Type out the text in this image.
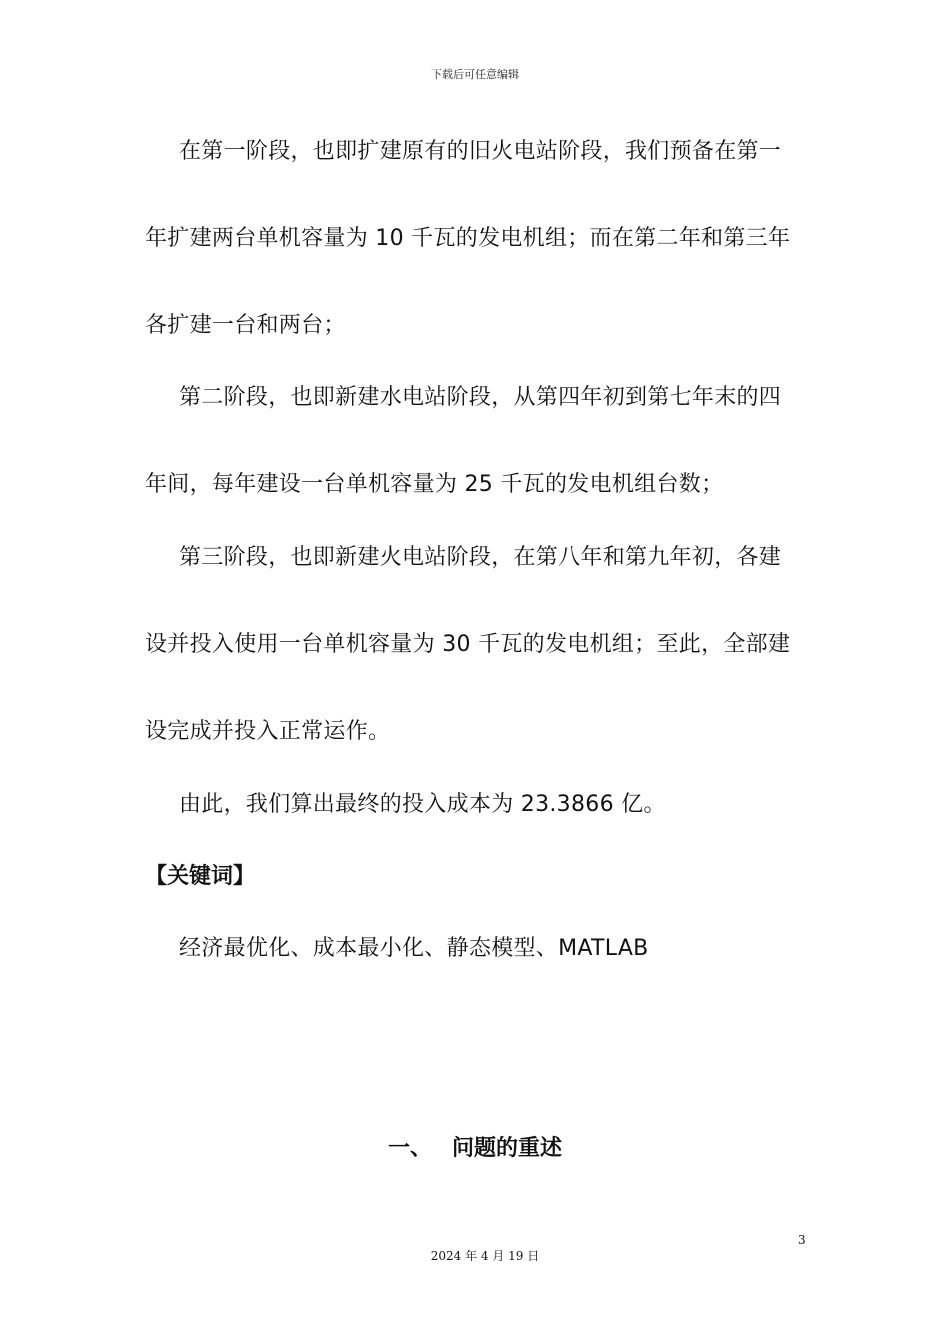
下载后可任意编辑
在第一阶段，也即扩建原有的旧火电站阶段，我们预备在第一
年扩建两台单机容量为 10 千瓦的发电机组；而在第二年和第三年
各扩建一台和两台；
第二阶段，也即新建水电站阶段，从第四年初到第七年末的四
年间，每年建设一台单机容量为 25 千瓦的发电机组台数；
第三阶段，也即新建火电站阶段，在第八年和第九年初，各建
设并投入使用一台单机容量为 30 千瓦的发电机组；至此，全部建
设完成并投入正常运作。
由此，我们算出最终的投入成本为 23.3866 亿。
【关键词】
经济最优化、成本最小化、静态模型、MATLAB
一、 问题的重述
3
2024 年 4 月 19 日
